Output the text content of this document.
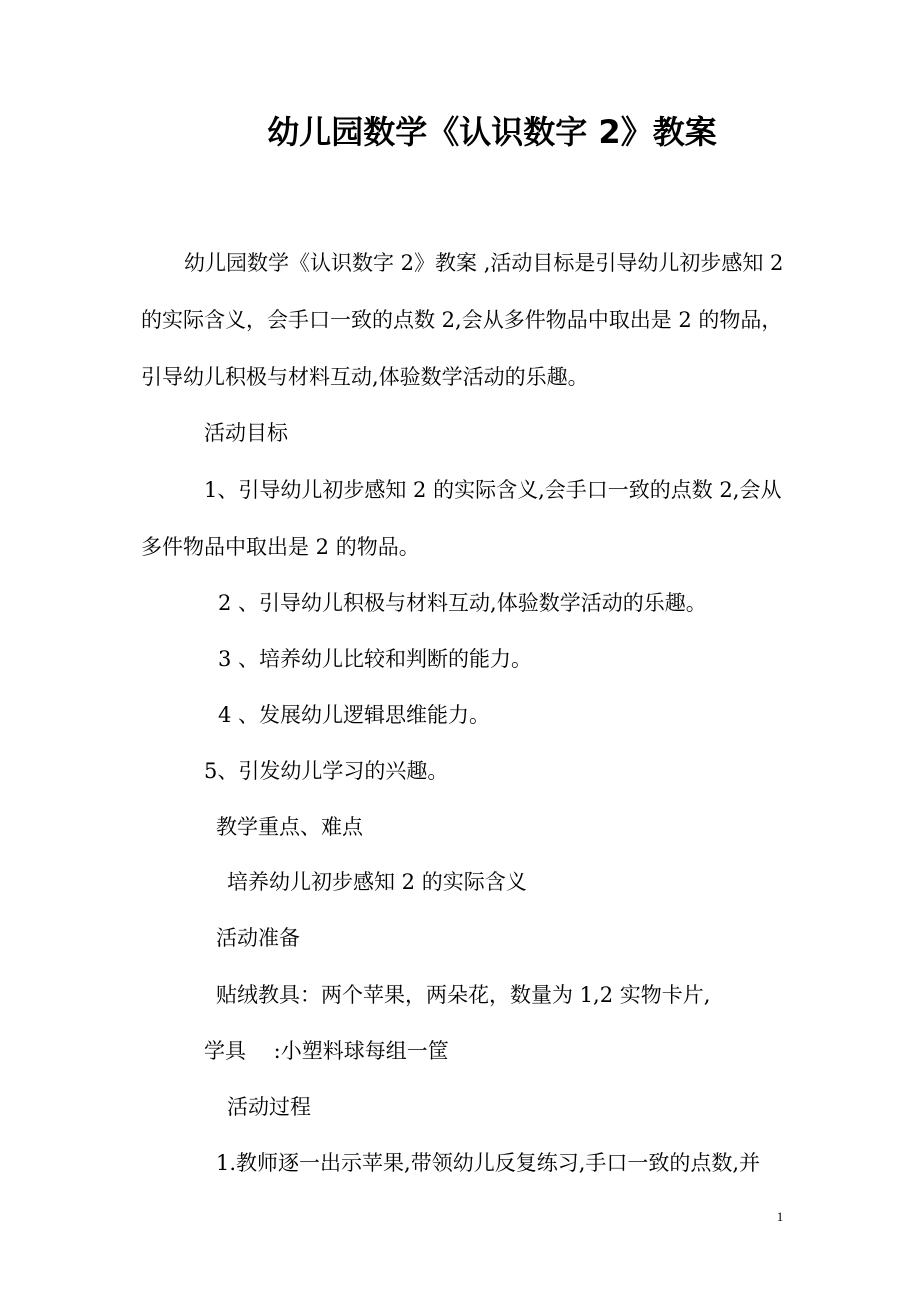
幼儿园数学《认识数字 2》教案
幼儿园数学《认识数字 2》教案 ,活动目标是引导幼儿初步感知 2
的实际含义，会手口一致的点数 2,会从多件物品中取出是 2 的物品，
引导幼儿积极与材料互动,体验数学活动的乐趣。
活动目标
1、引导幼儿初步感知 2 的实际含义,会手口一致的点数 2,会从
多件物品中取出是 2 的物品。
2 、引导幼儿积极与材料互动,体验数学活动的乐趣。
3 、培养幼儿比较和判断的能力。
4 、发展幼儿逻辑思维能力。
5、引发幼儿学习的兴趣。
教学重点、难点
培养幼儿初步感知 2 的实际含义
活动准备
贴绒教具：两个苹果，两朵花，数量为 1,2 实物卡片,
学具 　:小塑料球每组一筐
活动过程
1.教师逐一出示苹果,带领幼儿反复练习,手口一致的点数,并
1
